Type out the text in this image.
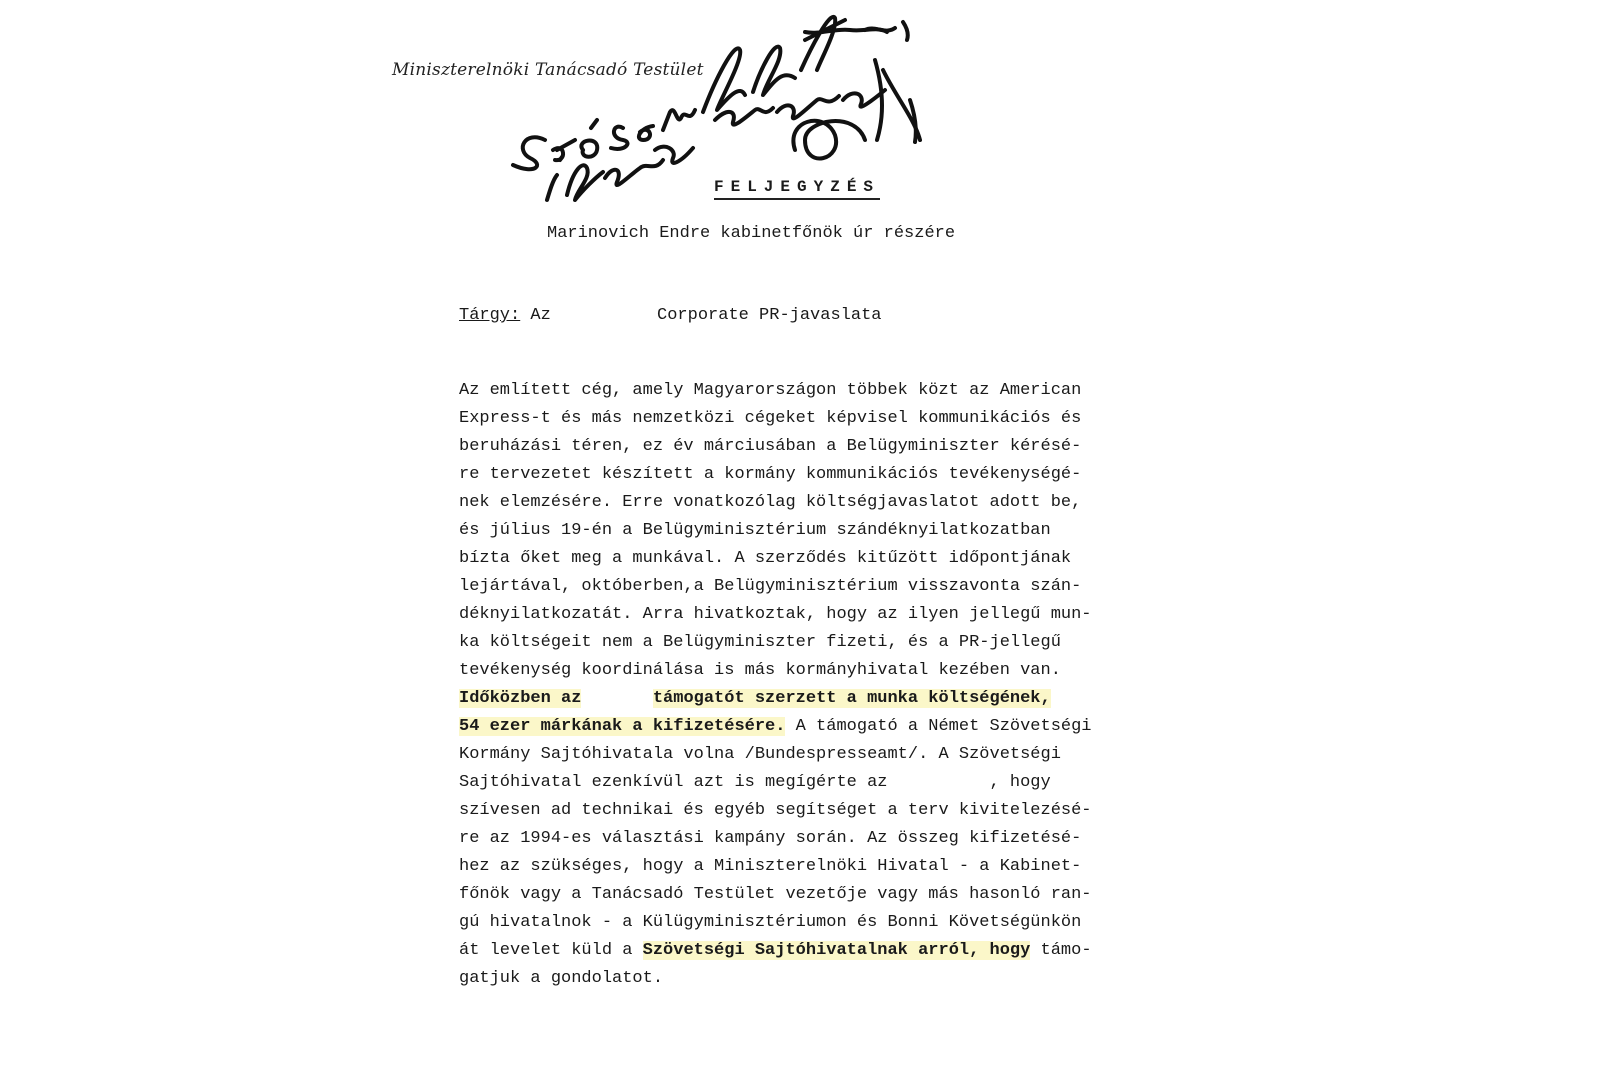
Miniszterelnöki Tanácsadó Testület
FELJEGYZÉS
Marinovich Endre kabinetfőnök úr részére
Tárgy: Az	Corporate PR-javaslata
Az említett cég, amely Magyarországon többek közt az American
Express-t és más nemzetközi cégeket képvisel kommunikációs és
beruházási téren, ez év márciusában a Belügyminiszter kérésé-
re tervezetet készített a kormány kommunikációs tevékenységé-
nek elemzésére. Erre vonatkozólag költségjavaslatot adott be,
és július 19-én a Belügyminisztérium szándéknyilatkozatban
bízta őket meg a munkával. A szerződés kitűzött időpontjának
lejártával, októberben,a Belügyminisztérium visszavonta szán-
déknyilatkozatát. Arra hivatkoztak, hogy az ilyen jellegű mun-
ka költségeit nem a Belügyminiszter fizeti, és a PR-jellegű
tevékenység koordinálása is más kormányhivatal kezében van.
Időközben az	támogatót szerzett a munka költségének,
54 ezer márkának a kifizetésére. A támogató a Német Szövetségi
Kormány Sajtóhivatala volna /Bundespresseamt/. A Szövetségi
Sajtóhivatal ezenkívül azt is megígérte az          , hogy
szívesen ad technikai és egyéb segítséget a terv kivitelezésé-
re az 1994-es választási kampány során. Az összeg kifizetésé-
hez az szükséges, hogy a Miniszterelnöki Hivatal - a Kabinet-
főnök vagy a Tanácsadó Testület vezetője vagy más hasonló ran-
gú hivatalnok - a Külügyminisztériumon és Bonni Követségünkön
át levelet küld a Szövetségi Sajtóhivatalnak arról, hogy támo-
gatjuk a gondolatot.
